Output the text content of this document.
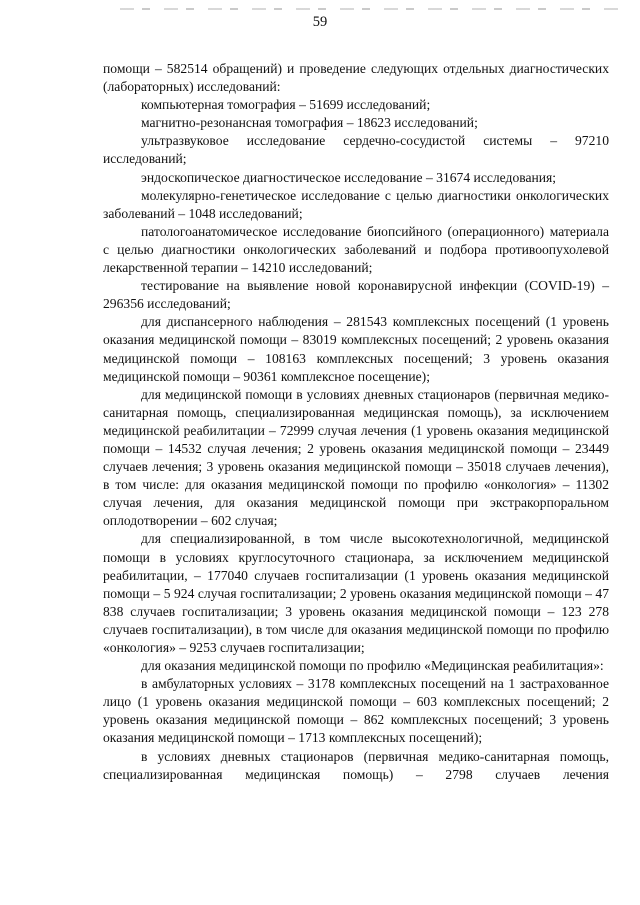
59

помощи – 582514 обращений) и проведение следующих отдельных диагностических (лабораторных) исследований:

компьютерная томография – 51699 исследований;

магнитно-резонансная томография – 18623 исследований;

ультразвуковое исследование сердечно-сосудистой системы – 97210 исследований;

эндоскопическое диагностическое исследование – 31674 исследования;

молекулярно-генетическое исследование с целью диагностики онкологических заболеваний – 1048 исследований;

патологоанатомическое исследование биопсийного (операционного) материала с целью диагностики онкологических заболеваний и подбора противоопухолевой лекарственной терапии – 14210 исследований;

тестирование на выявление новой коронавирусной инфекции (COVID-19) – 296356 исследований;

для диспансерного наблюдения – 281543 комплексных посещений (1 уровень оказания медицинской помощи – 83019 комплексных посещений; 2 уровень оказания медицинской помощи – 108163 комплексных посещений; 3 уровень оказания медицинской помощи – 90361 комплексное посещение);

для медицинской помощи в условиях дневных стационаров (первичная медико-санитарная помощь, специализированная медицинская помощь), за исключением медицинской реабилитации – 72999 случая лечения (1 уровень оказания медицинской помощи – 14532 случая лечения; 2 уровень оказания медицинской помощи – 23449 случаев лечения; 3 уровень оказания медицинской помощи – 35018 случаев лечения), в том числе: для оказания медицинской помощи по профилю «онкология» – 11302 случая лечения, для оказания медицинской помощи при экстракорпоральном оплодотворении – 602 случая;

для специализированной, в том числе высокотехнологичной, медицинской помощи в условиях круглосуточного стационара, за исключением медицинской реабилитации, – 177040 случаев госпитализации (1 уровень оказания медицинской помощи – 5 924 случая госпитализации; 2 уровень оказания медицинской помощи – 47 838 случаев госпитализации; 3 уровень оказания медицинской помощи – 123 278 случаев госпитализации), в том числе для оказания медицинской помощи по профилю «онкология» – 9253 случаев госпитализации;

для оказания медицинской помощи по профилю «Медицинская реабилитация»:

в амбулаторных условиях – 3178 комплексных посещений на 1 застрахованное лицо (1 уровень оказания медицинской помощи – 603 комплексных посещений; 2 уровень оказания медицинской помощи – 862 комплексных посещений; 3 уровень оказания медицинской помощи – 1713 комплексных посещений);

в условиях дневных стационаров (первичная медико-санитарная помощь, специализированная медицинская помощь) – 2798 случаев лечения
